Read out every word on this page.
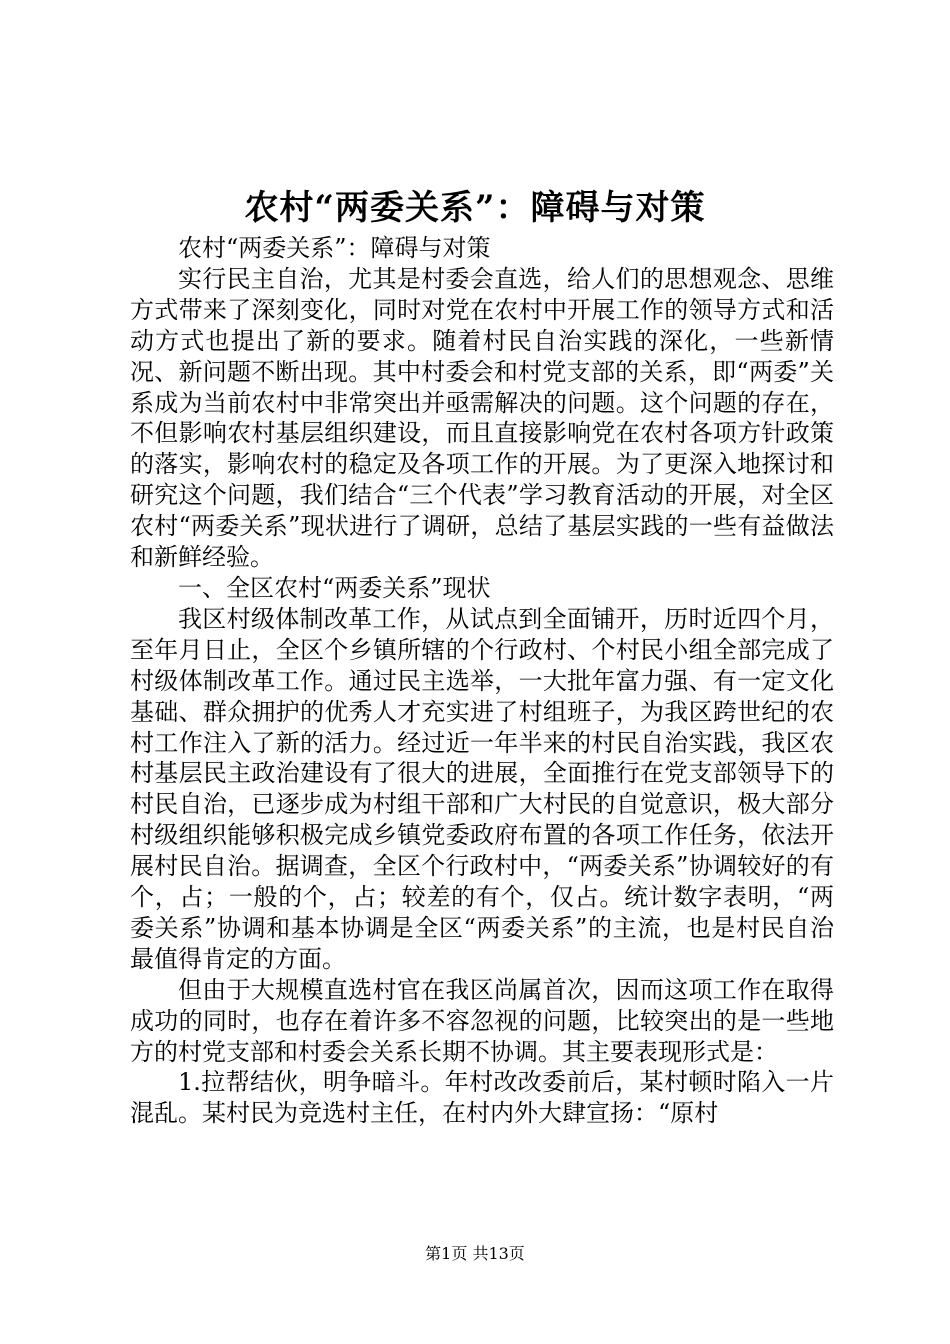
农村“两委关系”：障碍与对策

农村“两委关系”：障碍与对策

实行民主自治，尤其是村委会直选，给人们的思想观念、思维方式带来了深刻变化，同时对党在农村中开展工作的领导方式和活动方式也提出了新的要求。随着村民自治实践的深化，一些新情况、新问题不断出现。其中村委会和村党支部的关系，即“两委”关系成为当前农村中非常突出并亟需解决的问题。这个问题的存在，不但影响农村基层组织建设，而且直接影响党在农村各项方针政策的落实，影响农村的稳定及各项工作的开展。为了更深入地探讨和研究这个问题，我们结合“三个代表”学习教育活动的开展，对全区农村“两委关系”现状进行了调研，总结了基层实践的一些有益做法和新鲜经验。

一、全区农村“两委关系”现状

我区村级体制改革工作，从试点到全面铺开，历时近四个月，至年月日止，全区个乡镇所辖的个行政村、个村民小组全部完成了村级体制改革工作。通过民主选举，一大批年富力强、有一定文化基础、群众拥护的优秀人才充实进了村组班子，为我区跨世纪的农村工作注入了新的活力。经过近一年半来的村民自治实践，我区农村基层民主政治建设有了很大的进展，全面推行在党支部领导下的村民自治，已逐步成为村组干部和广大村民的自觉意识，极大部分村级组织能够积极完成乡镇党委政府布置的各项工作任务，依法开展村民自治。据调查，全区个行政村中，“两委关系”协调较好的有个，占；一般的个，占；较差的有个，仅占。统计数字表明，“两委关系”协调和基本协调是全区“两委关系”的主流，也是村民自治最值得肯定的方面。

但由于大规模直选村官在我区尚属首次，因而这项工作在取得成功的同时，也存在着许多不容忽视的问题，比较突出的是一些地方的村党支部和村委会关系长期不协调。其主要表现形式是：

1.拉帮结伙，明争暗斗。年村改改委前后，某村顿时陷入一片混乱。某村民为竞选村主任，在村内外大肆宣扬：“原村

第1页 共13页
